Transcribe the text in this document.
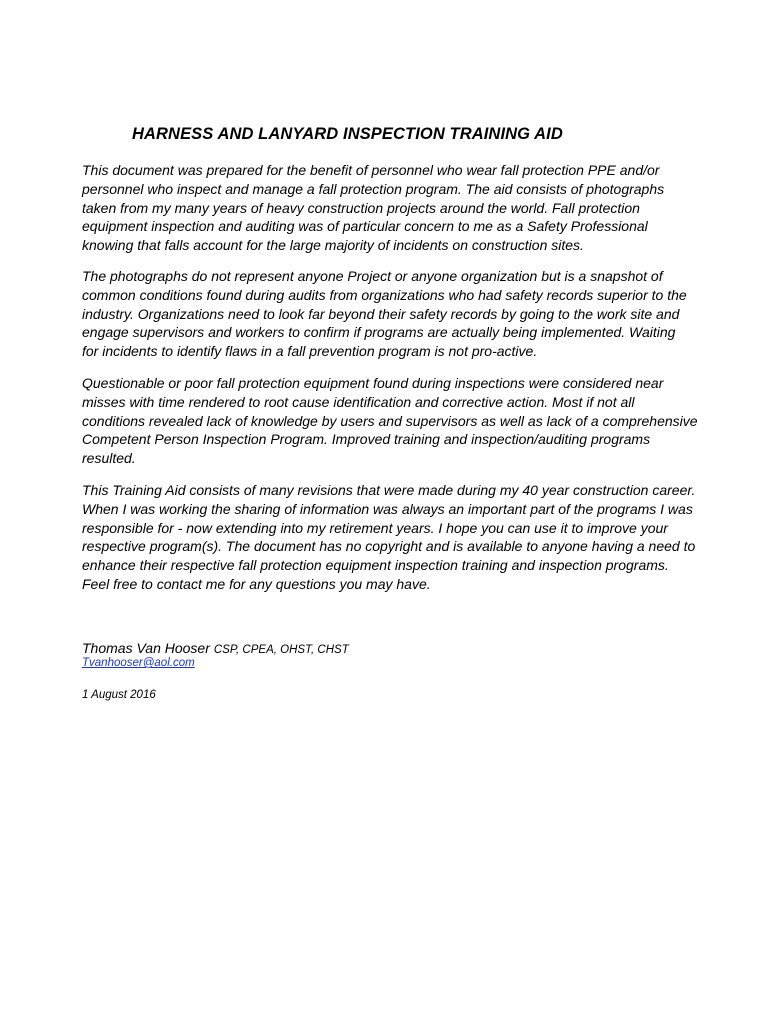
HARNESS AND LANYARD INSPECTION TRAINING AID

This document was prepared for the benefit of personnel who wear fall protection PPE and/or
personnel who inspect and manage a fall protection program. The aid consists of photographs
taken from my many years of heavy construction projects around the world. Fall protection
equipment inspection and auditing was of particular concern to me as a Safety Professional
knowing that falls account for the large majority of incidents on construction sites.

The photographs do not represent anyone Project or anyone organization but is a snapshot of
common conditions found during audits from organizations who had safety records superior to the
industry. Organizations need to look far beyond their safety records by going to the work site and
engage supervisors and workers to confirm if programs are actually being implemented. Waiting
for incidents to identify flaws in a fall prevention program is not pro-active.

Questionable or poor fall protection equipment found during inspections were considered near
misses with time rendered to root cause identification and corrective action. Most if not all
conditions revealed lack of knowledge by users and supervisors as well as lack of a comprehensive
Competent Person Inspection Program. Improved training and inspection/auditing programs
resulted.

This Training Aid consists of many revisions that were made during my 40 year construction career.
When I was working the sharing of information was always an important part of the programs I was
responsible for - now extending into my retirement years. I hope you can use it to improve your
respective program(s). The document has no copyright and is available to anyone having a need to
enhance their respective fall protection equipment inspection training and inspection programs.
Feel free to contact me for any questions you may have.

Thomas Van Hooser CSP, CPEA, OHST, CHST
Tvanhooser@aol.com
1 August 2016
